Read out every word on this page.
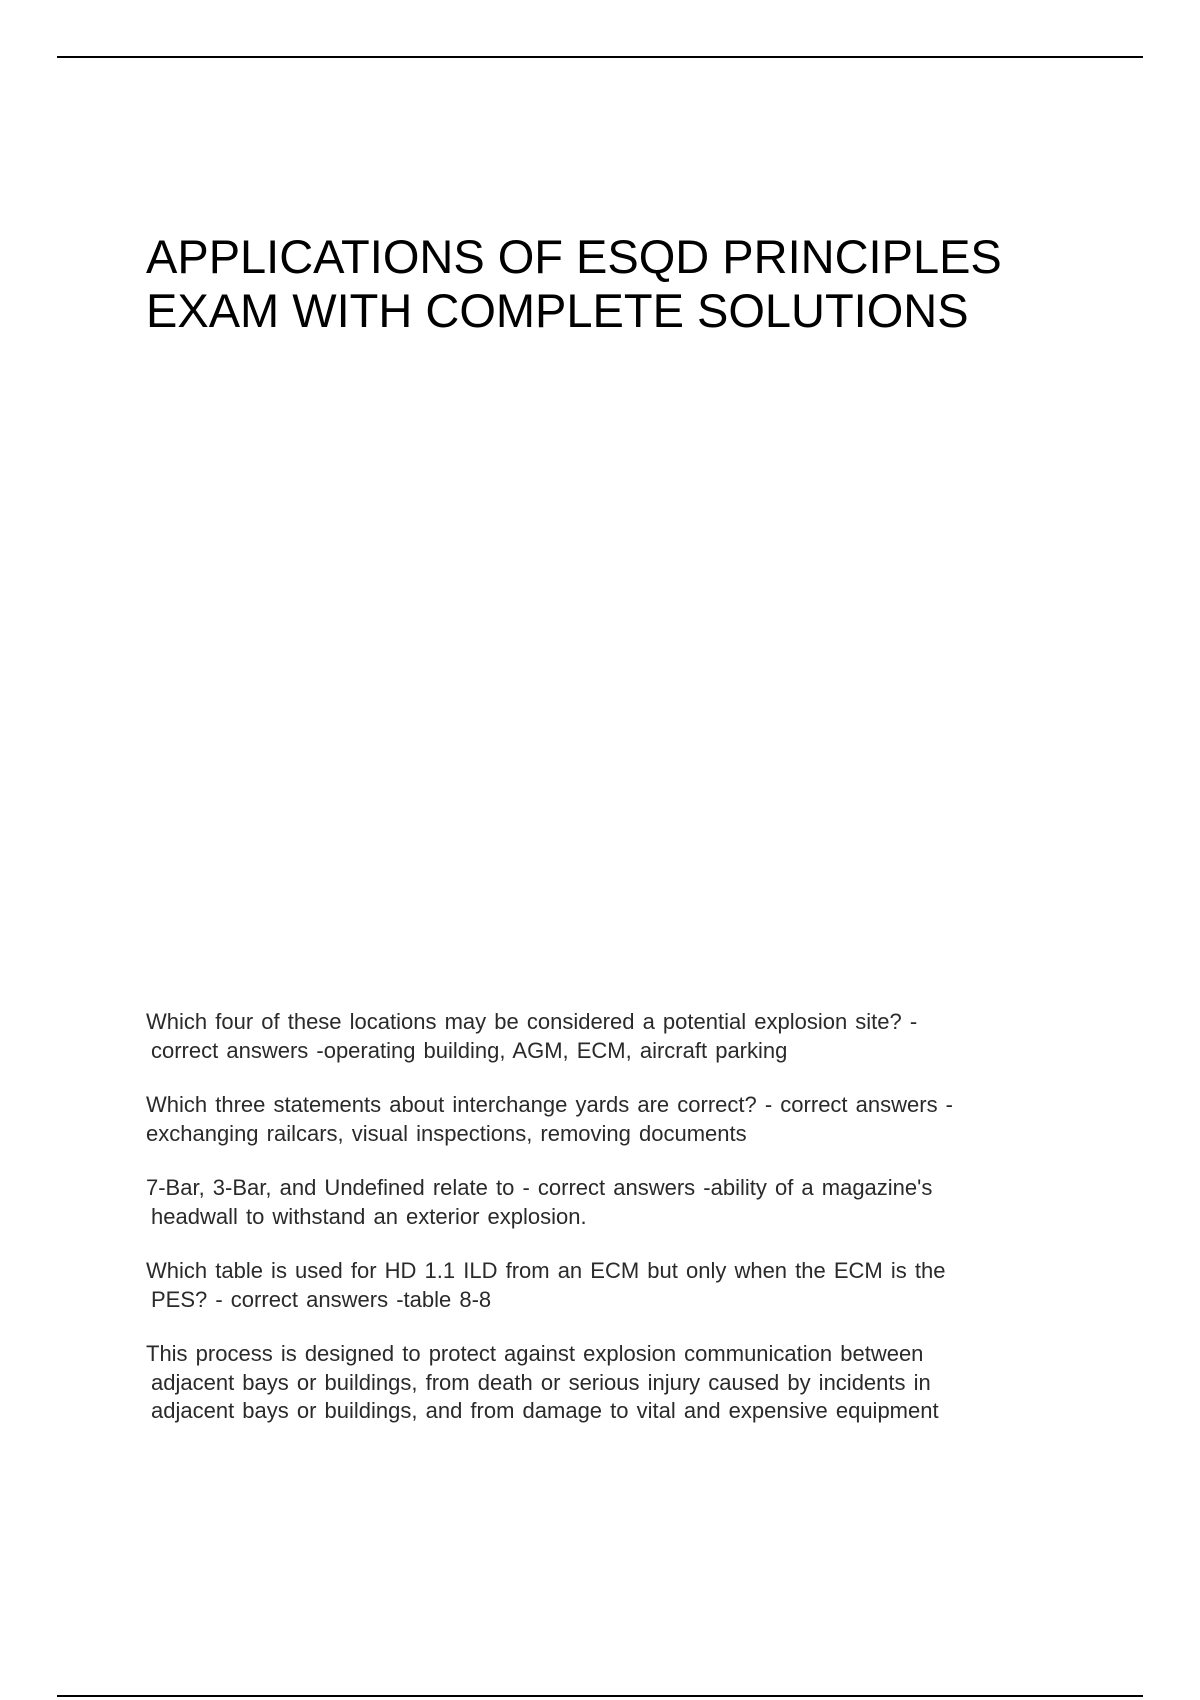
APPLICATIONS OF ESQD PRINCIPLES
EXAM WITH COMPLETE SOLUTIONS
Which four of these locations may be considered a potential explosion site? -
correct answers -operating building, AGM, ECM, aircraft parking
Which three statements about interchange yards are correct? - correct answers -
exchanging railcars, visual inspections, removing documents
7-Bar, 3-Bar, and Undefined relate to - correct answers -ability of a magazine's
headwall to withstand an exterior explosion.
Which table is used for HD 1.1 ILD from an ECM but only when the ECM is the
PES? - correct answers -table 8-8
This process is designed to protect against explosion communication between
adjacent bays or buildings, from death or serious injury caused by incidents in
adjacent bays or buildings, and from damage to vital and expensive equipment
